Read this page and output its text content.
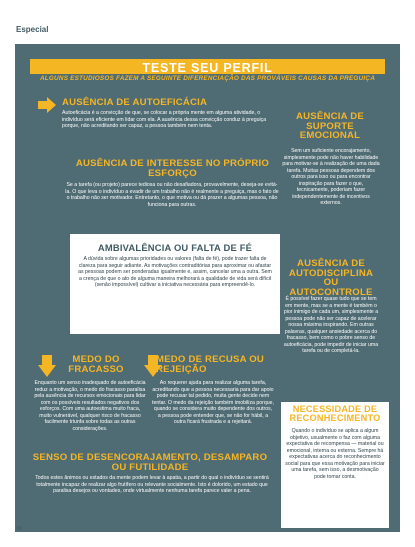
Especial
TESTE SEU PERFIL
ALGUNS ESTUDIOSOS FAZEM A SEGUINTE DIFERENCIAÇÃO DAS PROVÁVEIS CAUSAS DA PREGUIÇA
AUSÊNCIA DE AUTOEFICÁCIA
Autoeficácia é a convicção de que, se colocar a própria mente em alguma atividade, o indivíduo será eficiente em lidar com ela. A ausência dessa convicção conduz à preguiça porque, não acreditando ser capaz, a pessoa também nem tenta.
AUSÊNCIA DE SUPORTE EMOCIONAL
Sem um suficiente encorajamento, simplesmente pode não haver habilidade para motivar-se à realização de uma dada tarefa. Muitas pessoas dependem dos outros para isso ou para encontrar inspiração para fazer o que, tecnicamente, poderiam fazer independentemente de incentivos externos.
AUSÊNCIA DE INTERESSE NO PRÓPRIO ESFORÇO
Se a tarefa (ou projeto) parece tediosa ou não desafiadora, provavelmente, deseja-se evitá-la. O que leva o indivíduo a evadir de um trabalho não é realmente a preguiça, mas o fato de o trabalho não ser motivador. Entretanto, o que motiva ou dá prazer a algumas pessoa, não funciona para outras.
AMBIVALÊNCIA OU FALTA DE FÉ
A dúvida sobre algumas prioridades ou valores (falta de fé), pode trazer falta de clareza para seguir adiante. As motivações contraditórias para aproximar ou afastar as pessoas podem ser ponderadas igualmente e, assim, cancelar uma a outra. Sem a crença de que o ato de alguma maneira melhorará a qualidade de vida será difícil (senão impossível) cultivar a iniciativa necessária para empreendê-lo.
AUSÊNCIA DE AUTODISCIPLINA OU AUTOCONTROLE
É possível fazer quase tudo que se tem em mente, mas se a mente é também o pior inimigo de cada um, simplesmente a pessoa pode não ser capaz de acelerar nossa máxima inspirando. Em outras palavras, qualquer ansiedade acerca do fracasso, bem como o pobre senso de autoeficácia, pode impedir de iniciar uma tarefa ou de completá-la.
MEDO DO FRACASSO
Enquanto um senso inadequado de autoeficácia reduz a motivação, o medo do fracasso paralisa pela ausência de recursos emocionais para lidar com os possíveis resultados negativos dos esforços. Com uma autoestima muito fraca, muito vulnerável, qualquer risco de fracasso facilmente triunfa sobre todas as outras considerações.
MEDO DE RECUSA OU REJEIÇÃO
Ao requerer ajuda para realizar alguma tarefa, acreditando que a pessoa necessaria para dar apoio pode recusar tal pedido, muita gente decide nem tentar. O medo da rejeição também imobiliza porque, quando se considera muito dependente dos outros, a pessoa pode entender que, se não for hábil, a outra ficará frustrada e a rejeitará.
NECESSIDADE DE RECONHECIMENTO
Quando o indivíduo se aplica a algum objetivo, usualmente o faz com alguma expectativa de recompensa — material ou emocional, interna ou externa. Sempre há expectativas acerca do reconhecimento social para que essa motivação para iniciar uma tarefa, sem isso, a desmotivação pode tomar conta.
SENSO DE DESENCORAJAMENTO, DESAMPARO OU FUTILIDADE
Todos estes ânimos ou estados da mente podem levar à apatia, a partir do qual o indivíduo se sentirá totalmente incapaz de realizar algo frutífero ou relevante socialmente. Isto é dolorido, um estado que paralisa desejos ou vontades, onde virtualmente nenhuma tarefa parece valer a pena.
28
